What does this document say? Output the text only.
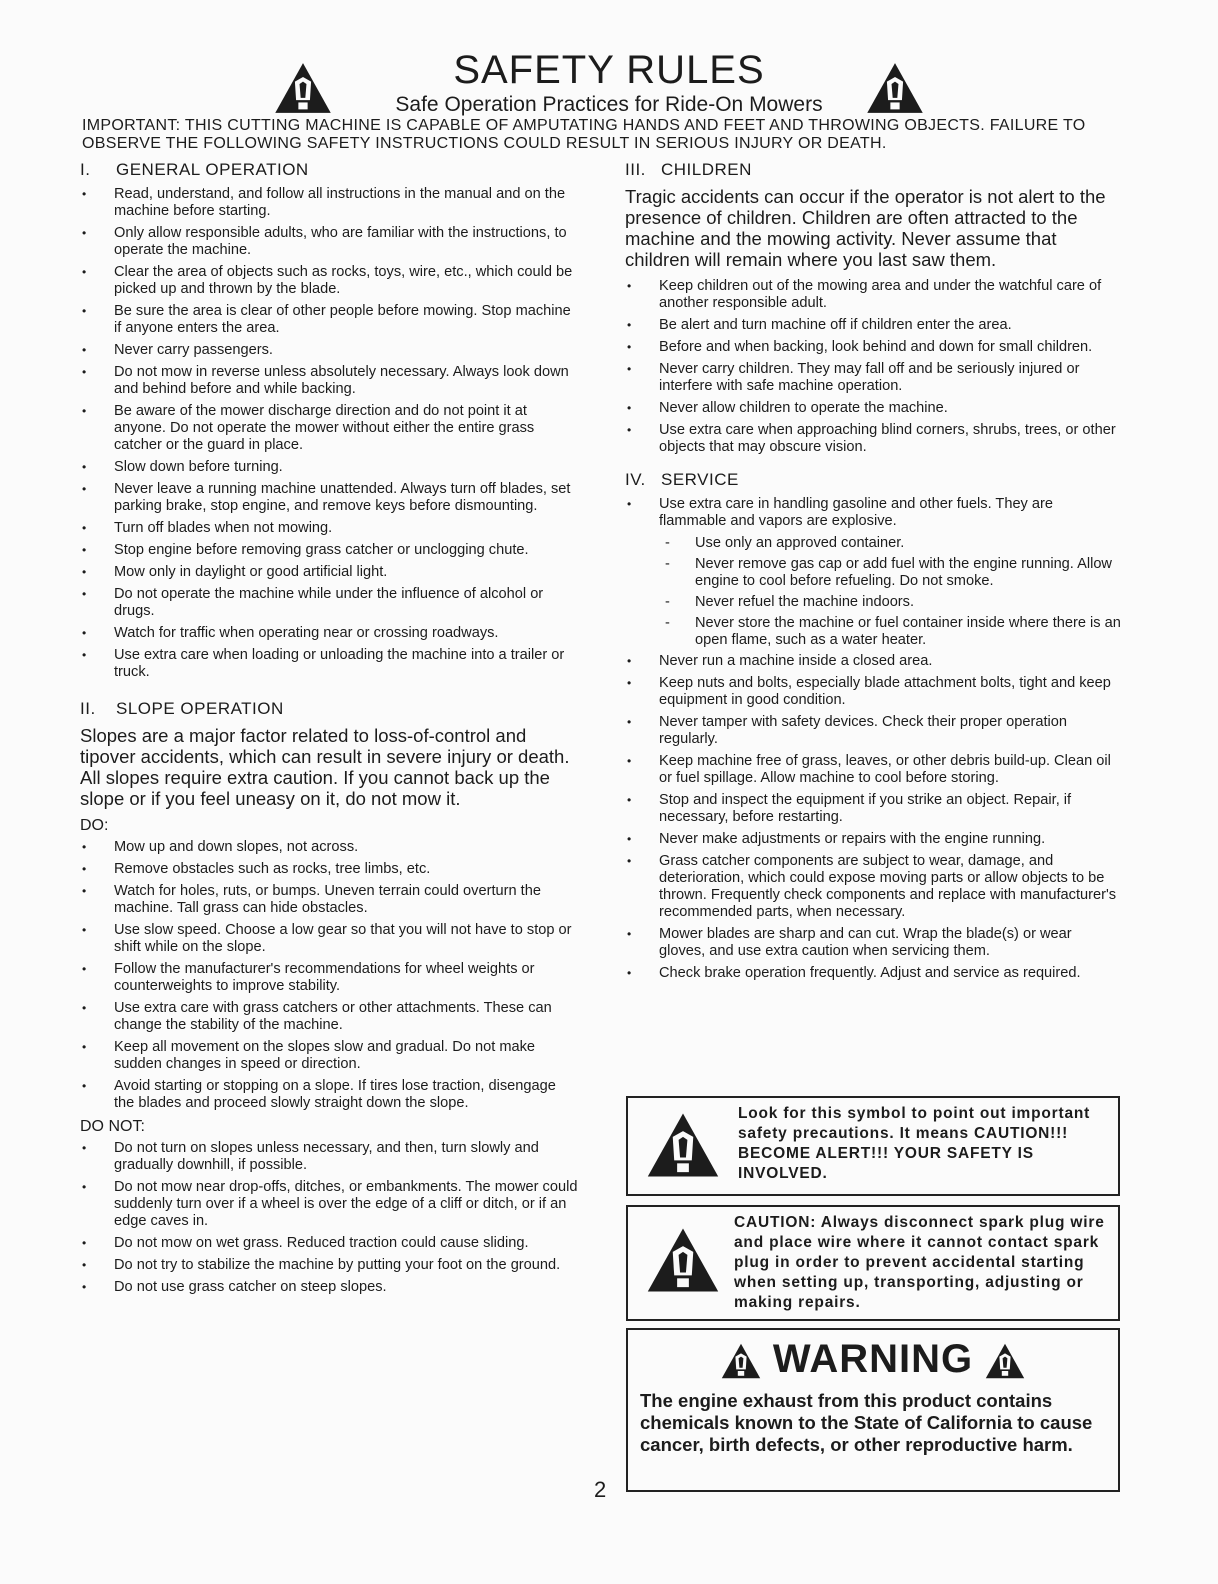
SAFETY RULES

Safe Operation Practices for Ride-On Mowers

IMPORTANT: THIS CUTTING MACHINE IS CAPABLE OF AMPUTATING HANDS AND FEET AND THROWING OBJECTS. FAILURE TO OBSERVE THE FOLLOWING SAFETY INSTRUCTIONS COULD RESULT IN SERIOUS INJURY OR DEATH.
I. GENERAL OPERATION
• Read, understand, and follow all instructions in the manual and on the machine before starting.
• Only allow responsible adults, who are familiar with the instructions, to operate the machine.
• Clear the area of objects such as rocks, toys, wire, etc., which could be picked up and thrown by the blade.
• Be sure the area is clear of other people before mowing. Stop machine if anyone enters the area.
• Never carry passengers.
• Do not mow in reverse unless absolutely necessary. Always look down and behind before and while backing.
• Be aware of the mower discharge direction and do not point it at anyone. Do not operate the mower without either the entire grass catcher or the guard in place.
• Slow down before turning.
• Never leave a running machine unattended. Always turn off blades, set parking brake, stop engine, and remove keys before dismounting.
• Turn off blades when not mowing.
• Stop engine before removing grass catcher or unclogging chute.
• Mow only in daylight or good artificial light.
• Do not operate the machine while under the influence of alcohol or drugs.
• Watch for traffic when operating near or crossing roadways.
• Use extra care when loading or unloading the machine into a trailer or truck.
II. SLOPE OPERATION

Slopes are a major factor related to loss-of-control and tipover accidents, which can result in severe injury or death. All slopes require extra caution. If you cannot back up the slope or if you feel uneasy on it, do not mow it.

DO:
• Mow up and down slopes, not across.
• Remove obstacles such as rocks, tree limbs, etc.
• Watch for holes, ruts, or bumps. Uneven terrain could overturn the machine. Tall grass can hide obstacles.
• Use slow speed. Choose a low gear so that you will not have to stop or shift while on the slope.
• Follow the manufacturer's recommendations for wheel weights or counterweights to improve stability.
• Use extra care with grass catchers or other attachments. These can change the stability of the machine.
• Keep all movement on the slopes slow and gradual. Do not make sudden changes in speed or direction.
• Avoid starting or stopping on a slope. If tires lose traction, disengage the blades and proceed slowly straight down the slope.
DO NOT:
• Do not turn on slopes unless necessary, and then, turn slowly and gradually downhill, if possible.
• Do not mow near drop-offs, ditches, or embankments. The mower could suddenly turn over if a wheel is over the edge of a cliff or ditch, or if an edge caves in.
• Do not mow on wet grass. Reduced traction could cause sliding.
• Do not try to stabilize the machine by putting your foot on the ground.
• Do not use grass catcher on steep slopes.
III. CHILDREN

Tragic accidents can occur if the operator is not alert to the presence of children. Children are often attracted to the machine and the mowing activity. Never assume that children will remain where you last saw them.

• Keep children out of the mowing area and under the watchful care of another responsible adult.
• Be alert and turn machine off if children enter the area.
• Before and when backing, look behind and down for small children.
• Never carry children. They may fall off and be seriously injured or interfere with safe machine operation.
• Never allow children to operate the machine.
• Use extra care when approaching blind corners, shrubs, trees, or other objects that may obscure vision.
IV. SERVICE
• Use extra care in handling gasoline and other fuels. They are flammable and vapors are explosive.
- Use only an approved container.
- Never remove gas cap or add fuel with the engine running. Allow engine to cool before refueling. Do not smoke.
- Never refuel the machine indoors.
- Never store the machine or fuel container inside where there is an open flame, such as a water heater.
• Never run a machine inside a closed area.
• Keep nuts and bolts, especially blade attachment bolts, tight and keep equipment in good condition.
• Never tamper with safety devices. Check their proper operation regularly.
• Keep machine free of grass, leaves, or other debris build-up. Clean oil or fuel spillage. Allow machine to cool before storing.
• Stop and inspect the equipment if you strike an object. Repair, if necessary, before restarting.
• Never make adjustments or repairs with the engine running.
• Grass catcher components are subject to wear, damage, and deterioration, which could expose moving parts or allow objects to be thrown. Frequently check components and replace with manufacturer's recommended parts, when necessary.
• Mower blades are sharp and can cut. Wrap the blade(s) or wear gloves, and use extra caution when servicing them.
• Check brake operation frequently. Adjust and service as required.
Look for this symbol to point out important safety precautions. It means CAUTION!!! BECOME ALERT!!! YOUR SAFETY IS INVOLVED.
CAUTION: Always disconnect spark plug wire and place wire where it cannot contact spark plug in order to prevent accidental starting when setting up, transporting, adjusting or making repairs.
WARNING
The engine exhaust from this product contains chemicals known to the State of California to cause cancer, birth defects, or other reproductive harm.
2
